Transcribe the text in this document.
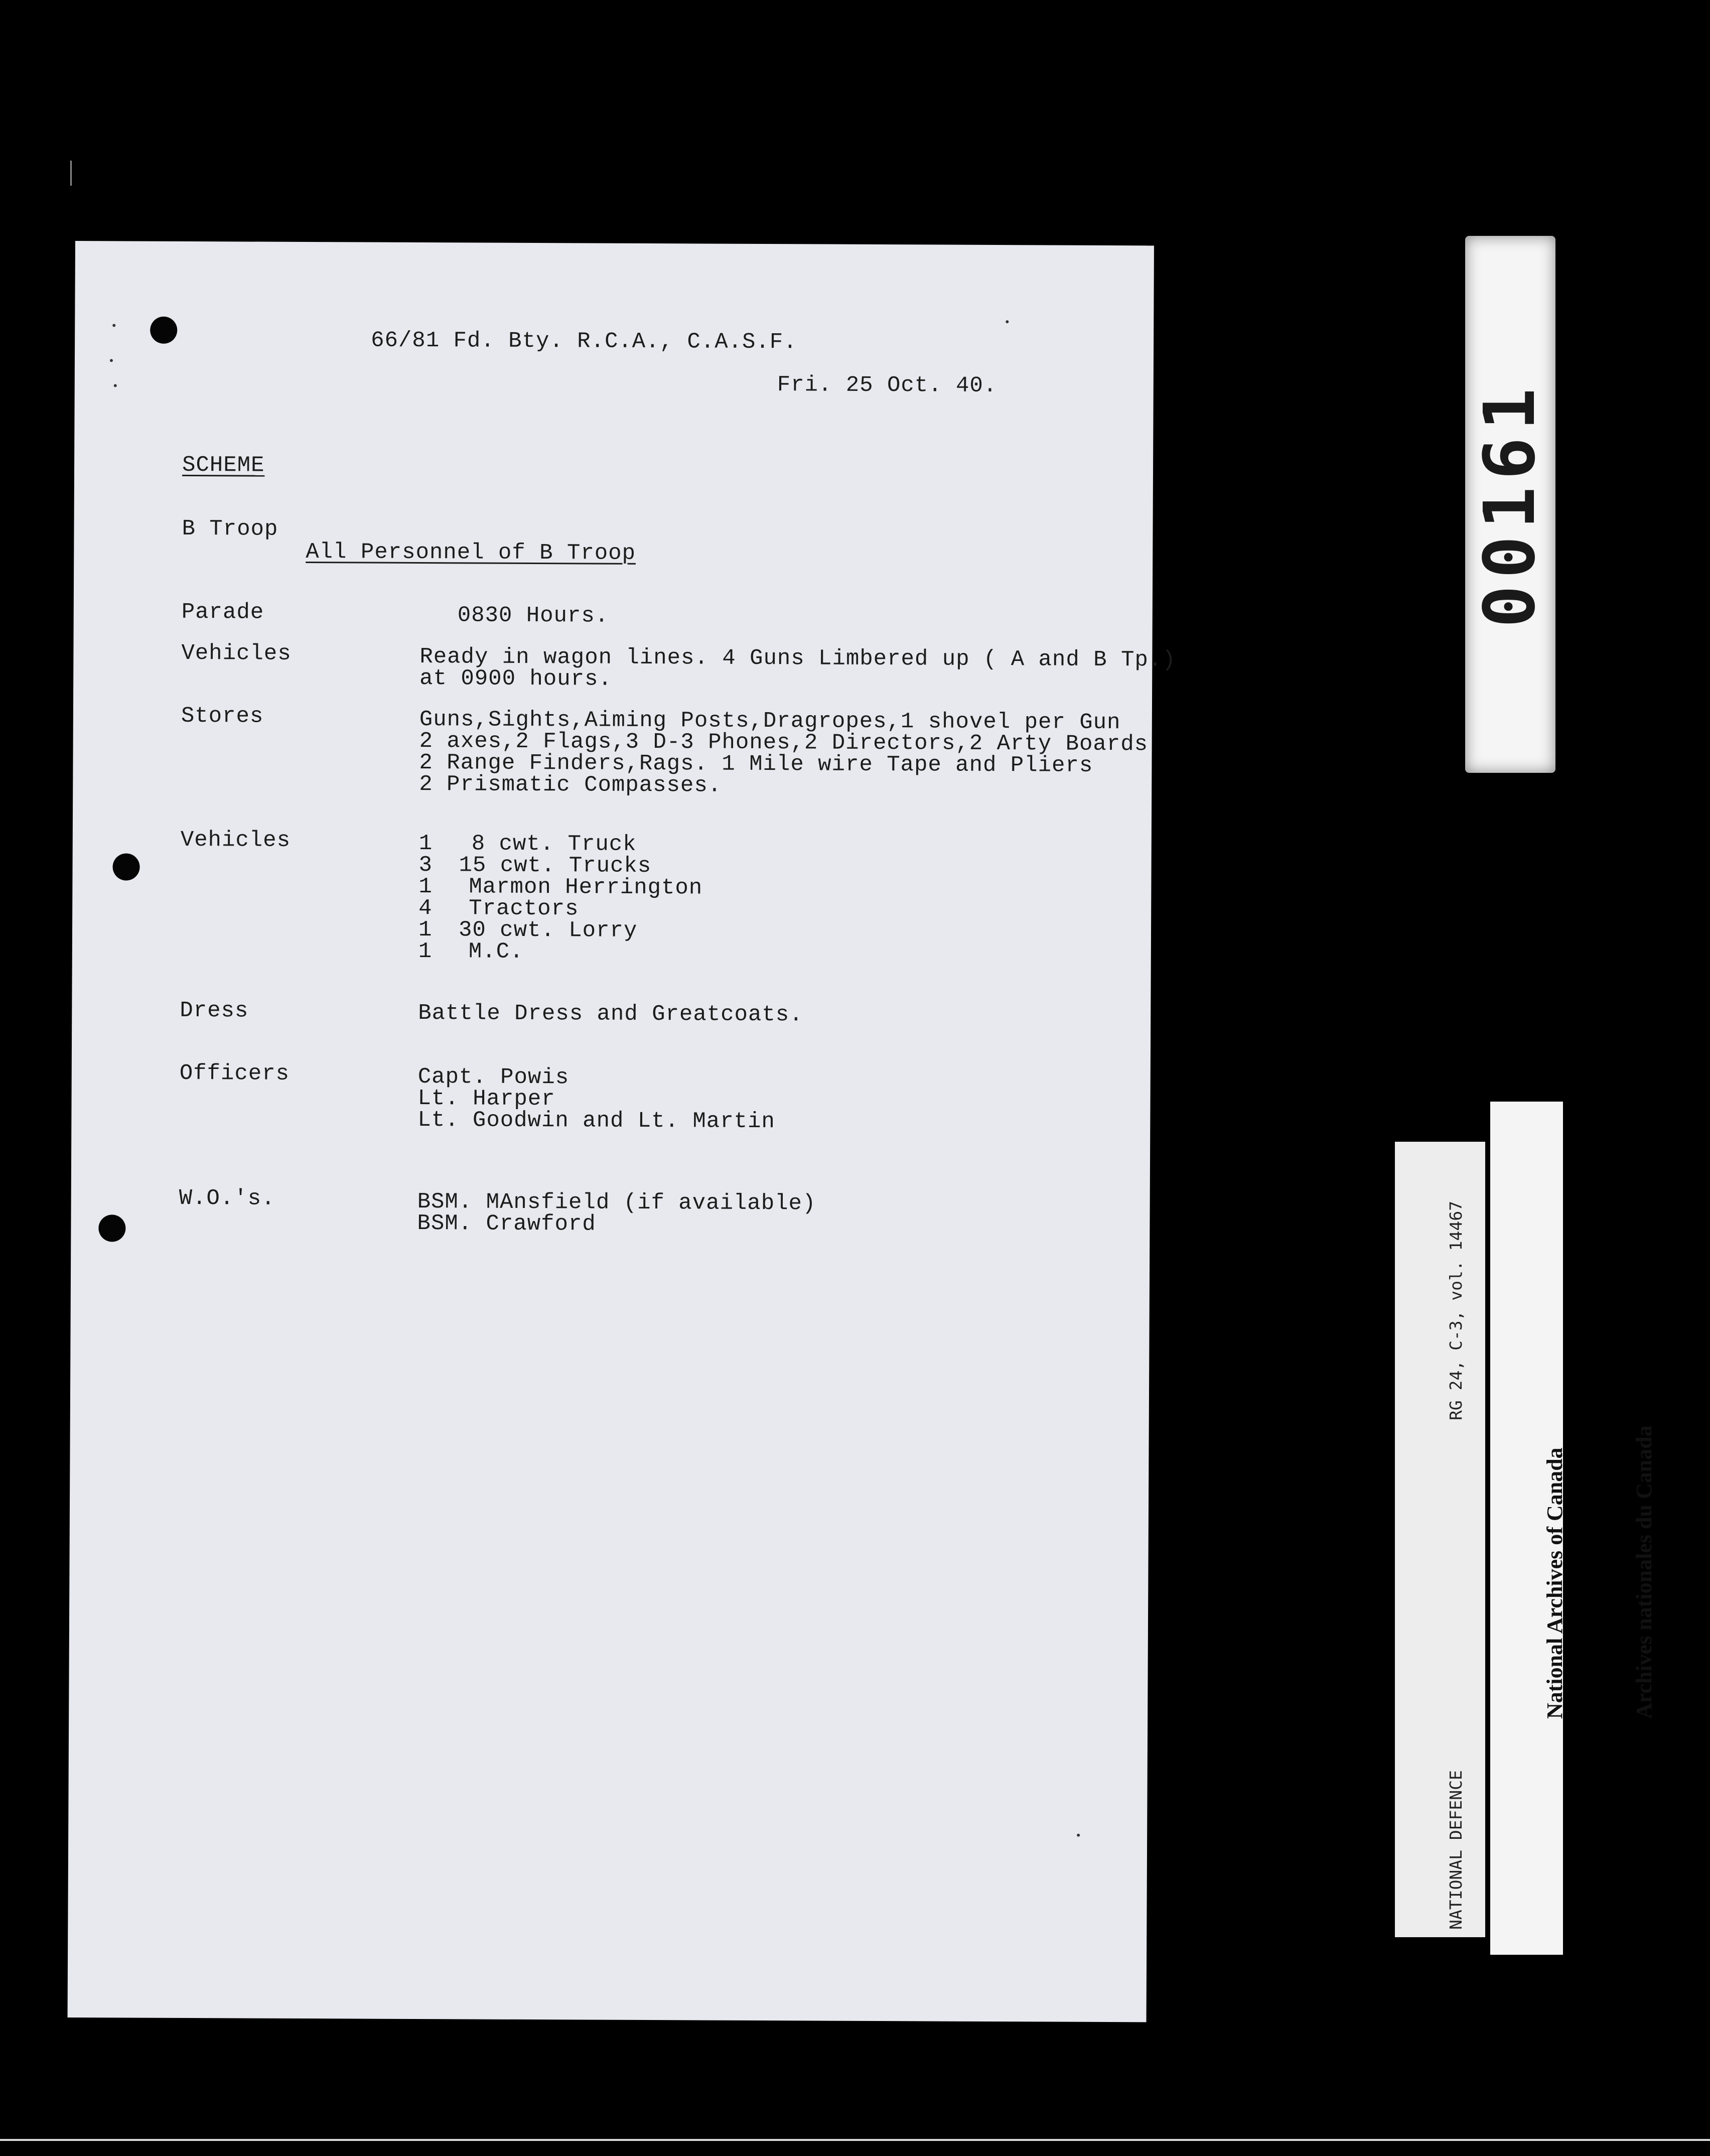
66/81 Fd. Bty. R.C.A., C.A.S.F.

Fri. 25 Oct. 40.

SCHEME

B Troop

All Personnel of B Troop

Parade	0830 Hours.

Vehicles	Ready in wagon lines. 4 Guns Limbered up ( A and B Tp.)

at 0900 hours.

Stores	Guns,Sights,Aiming Posts,Dragropes,1 shovel per Gun

2 axes,2 Flags,3 D-3 Phones,2 Directors,2 Arty Boards

2 Range Finders,Rags. 1 Mile wire Tape and Pliers

2 Prismatic Compasses.

Vehicles	1 8 cwt. Truck

3 15 cwt. Trucks

1 Marmon Herrington

4 Tractors

1 30 cwt. Lorry

1 M.C.

Dress	Battle Dress and Greatcoats.

Officers	Capt. Powis

Lt. Harper

Lt. Goodwin and Lt. Martin

W.O.'s.	BSM. MAnsfield (if available)

BSM. Crawford

00161

NATIONAL DEFENCE

RG 24, C-3, vol. 14467

National Archives of Canada

	Archives nationales du Canada
